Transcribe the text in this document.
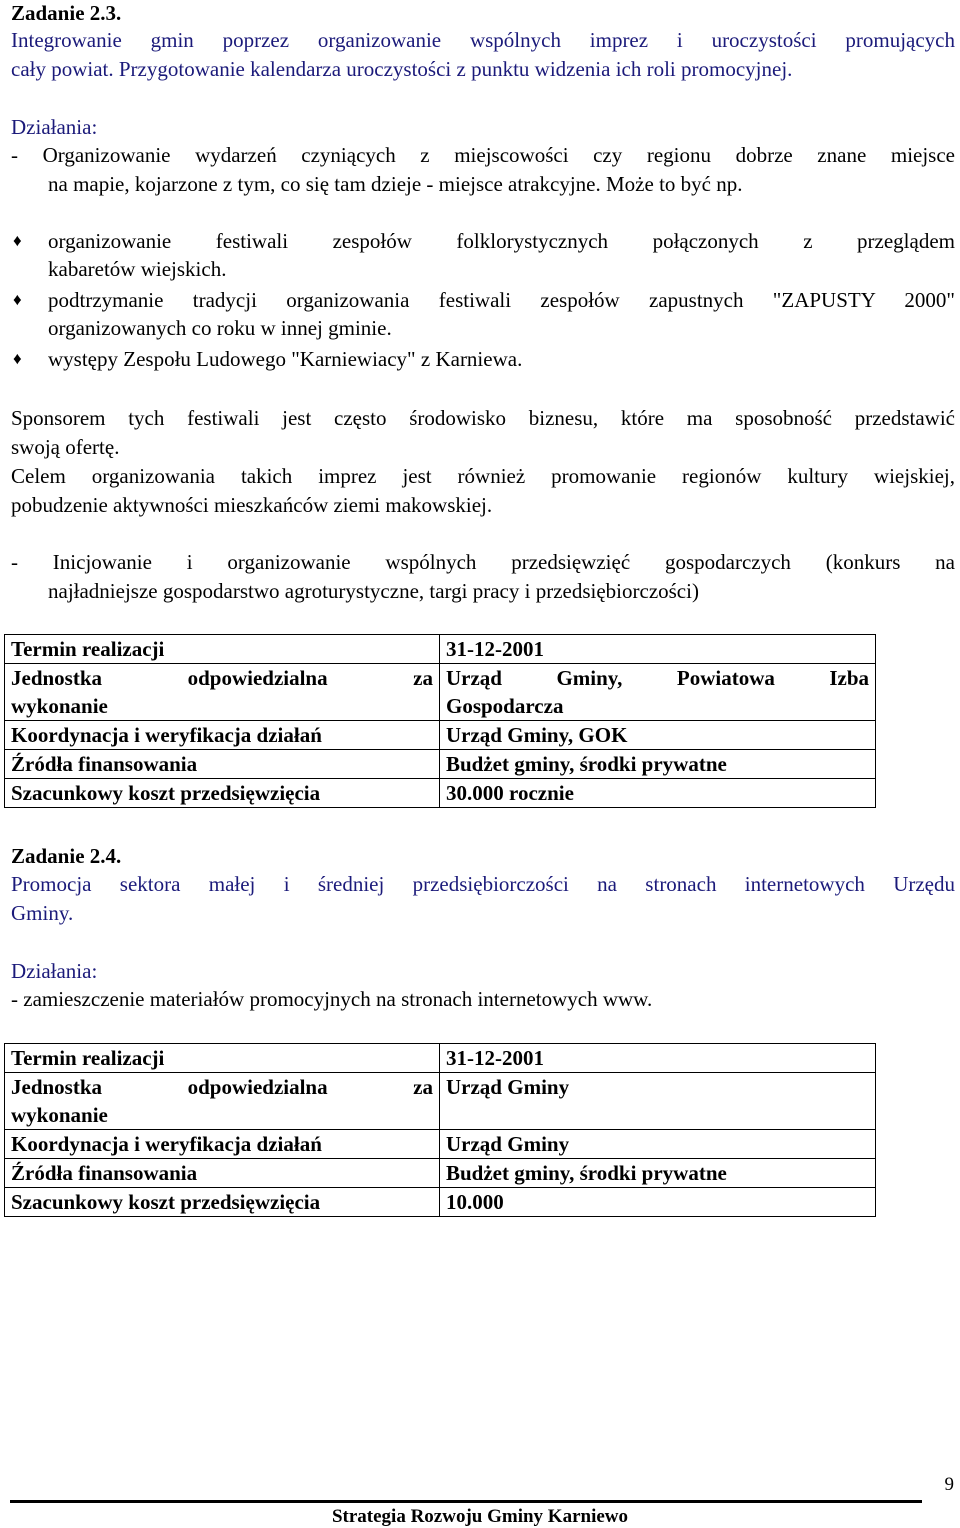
Zadanie 2.3.
Integrowanie gmin poprzez organizowanie wspólnych imprez i uroczystości promujących
cały powiat. Przygotowanie kalendarza uroczystości z punktu widzenia ich roli promocyjnej.
Działania:
- Organizowanie wydarzeń czyniących z miejscowości czy regionu dobrze znane miejsce
na mapie, kojarzone z tym, co się tam dzieje - miejsce atrakcyjne. Może to być np.
♦ organizowanie festiwali zespołów folklorystycznych połączonych z przeglądem
kabaretów wiejskich.
♦ podtrzymanie tradycji organizowania festiwali zespołów zapustnych "ZAPUSTY 2000"
organizowanych co roku w innej gminie.
♦ występy Zespołu Ludowego "Karniewiacy" z Karniewa.
Sponsorem tych festiwali jest często środowisko biznesu, które ma sposobność przedstawić
swoją ofertę.
Celem organizowania takich imprez jest również promowanie regionów kultury wiejskiej,
pobudzenie aktywności mieszkańców ziemi makowskiej.
- Inicjowanie i organizowanie wspólnych przedsięwzięć gospodarczych (konkurs na
najładniejsze gospodarstwo agroturystyczne, targi pracy i przedsiębiorczości)
Termin realizacji	31-12-2001

Jednostka odpowiedzialna za
wykonanie	Urząd Gminy, Powiatowa Izba
Gospodarcza
Koordynacja i weryfikacja działań	Urząd Gminy, GOK
Źródła finansowania	Budżet gminy, środki prywatne
Szacunkowy koszt przedsięwzięcia	30.000 rocznie
Zadanie 2.4.
Promocja sektora małej i średniej przedsiębiorczości na stronach internetowych Urzędu
Gminy.
Działania:
- zamieszczenie materiałów promocyjnych na stronach internetowych www.
Termin realizacji	31-12-2001

Jednostka odpowiedzialna za
wykonanie	Urząd Gminy
Koordynacja i weryfikacja działań	Urząd Gminy
Źródła finansowania	Budżet gminy, środki prywatne
Szacunkowy koszt przedsięwzięcia	10.000
9
Strategia Rozwoju Gminy Karniewo
